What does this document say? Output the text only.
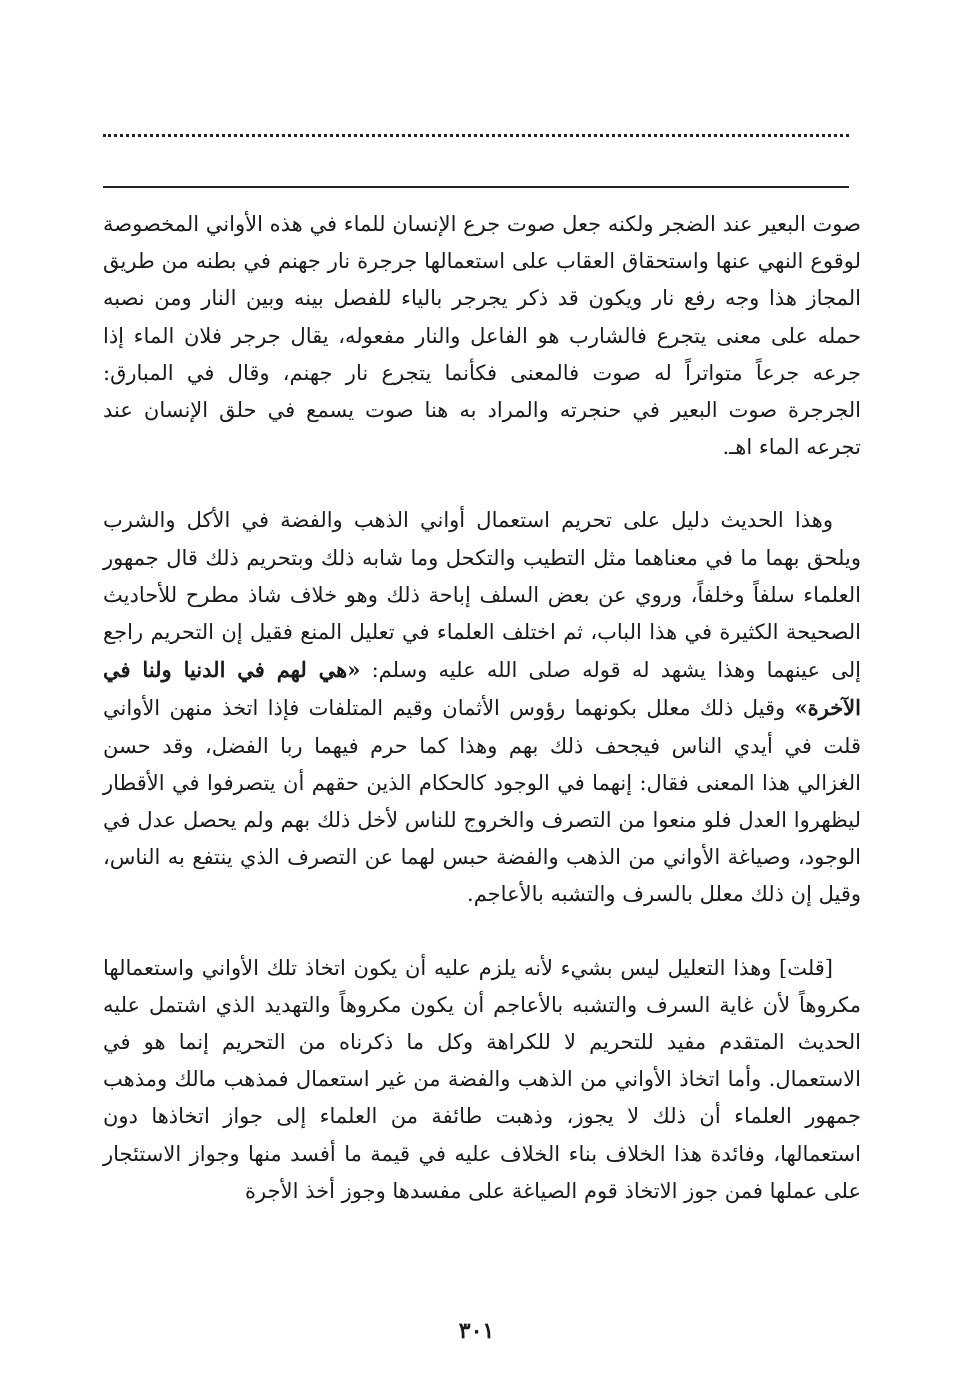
صوت البعير عند الضجر ولكنه جعل صوت جرع الإنسان للماء في هذه الأواني المخصوصة لوقوع النهي عنها واستحقاق العقاب على استعمالها جرجرة نار جهنم في بطنه من طريق المجاز هذا وجه رفع نار ويكون قد ذكر يجرجر بالياء للفصل بينه وبين النار ومن نصبه حمله على معنى يتجرع فالشارب هو الفاعل والنار مفعوله، يقال جرجر فلان الماء إذا جرعه جرعاً متواتراً له صوت فالمعنى فكأنما يتجرع نار جهنم، وقال في المبارق: الجرجرة صوت البعير في حنجرته والمراد به هنا صوت يسمع في حلق الإنسان عند تجرعه الماء اهـ.

وهذا الحديث دليل على تحريم استعمال أواني الذهب والفضة في الأكل والشرب ويلحق بهما ما في معناهما مثل التطيب والتكحل وما شابه ذلك وبتحريم ذلك قال جمهور العلماء سلفاً وخلفاً، وروي عن بعض السلف إباحة ذلك وهو خلاف شاذ مطرح للأحاديث الصحيحة الكثيرة في هذا الباب، ثم اختلف العلماء في تعليل المنع فقيل إن التحريم راجع إلى عينهما وهذا يشهد له قوله صلى الله عليه وسلم: «هي لهم في الدنيا ولنا في الآخرة» وقيل ذلك معلل بكونهما رؤوس الأثمان وقيم المتلفات فإذا اتخذ منهن الأواني قلت في أيدي الناس فيجحف ذلك بهم وهذا كما حرم فيهما ربا الفضل، وقد حسن الغزالي هذا المعنى فقال: إنهما في الوجود كالحكام الذين حقهم أن يتصرفوا في الأقطار ليظهروا العدل فلو منعوا من التصرف والخروج للناس لأخل ذلك بهم ولم يحصل عدل في الوجود، وصياغة الأواني من الذهب والفضة حبس لهما عن التصرف الذي ينتفع به الناس، وقيل إن ذلك معلل بالسرف والتشبه بالأعاجم.

[قلت] وهذا التعليل ليس بشيء لأنه يلزم عليه أن يكون اتخاذ تلك الأواني واستعمالها مكروهاً لأن غاية السرف والتشبه بالأعاجم أن يكون مكروهاً والتهديد الذي اشتمل عليه الحديث المتقدم مفيد للتحريم لا للكراهة وكل ما ذكرناه من التحريم إنما هو في الاستعمال. وأما اتخاذ الأواني من الذهب والفضة من غير استعمال فمذهب مالك ومذهب جمهور العلماء أن ذلك لا يجوز، وذهبت طائفة من العلماء إلى جواز اتخاذها دون استعمالها، وفائدة هذا الخلاف بناء الخلاف عليه في قيمة ما أفسد منها وجواز الاستئجار على عملها فمن جوز الاتخاذ قوم الصياغة على مفسدها وجوز أخذ الأجرة

٣٠١
